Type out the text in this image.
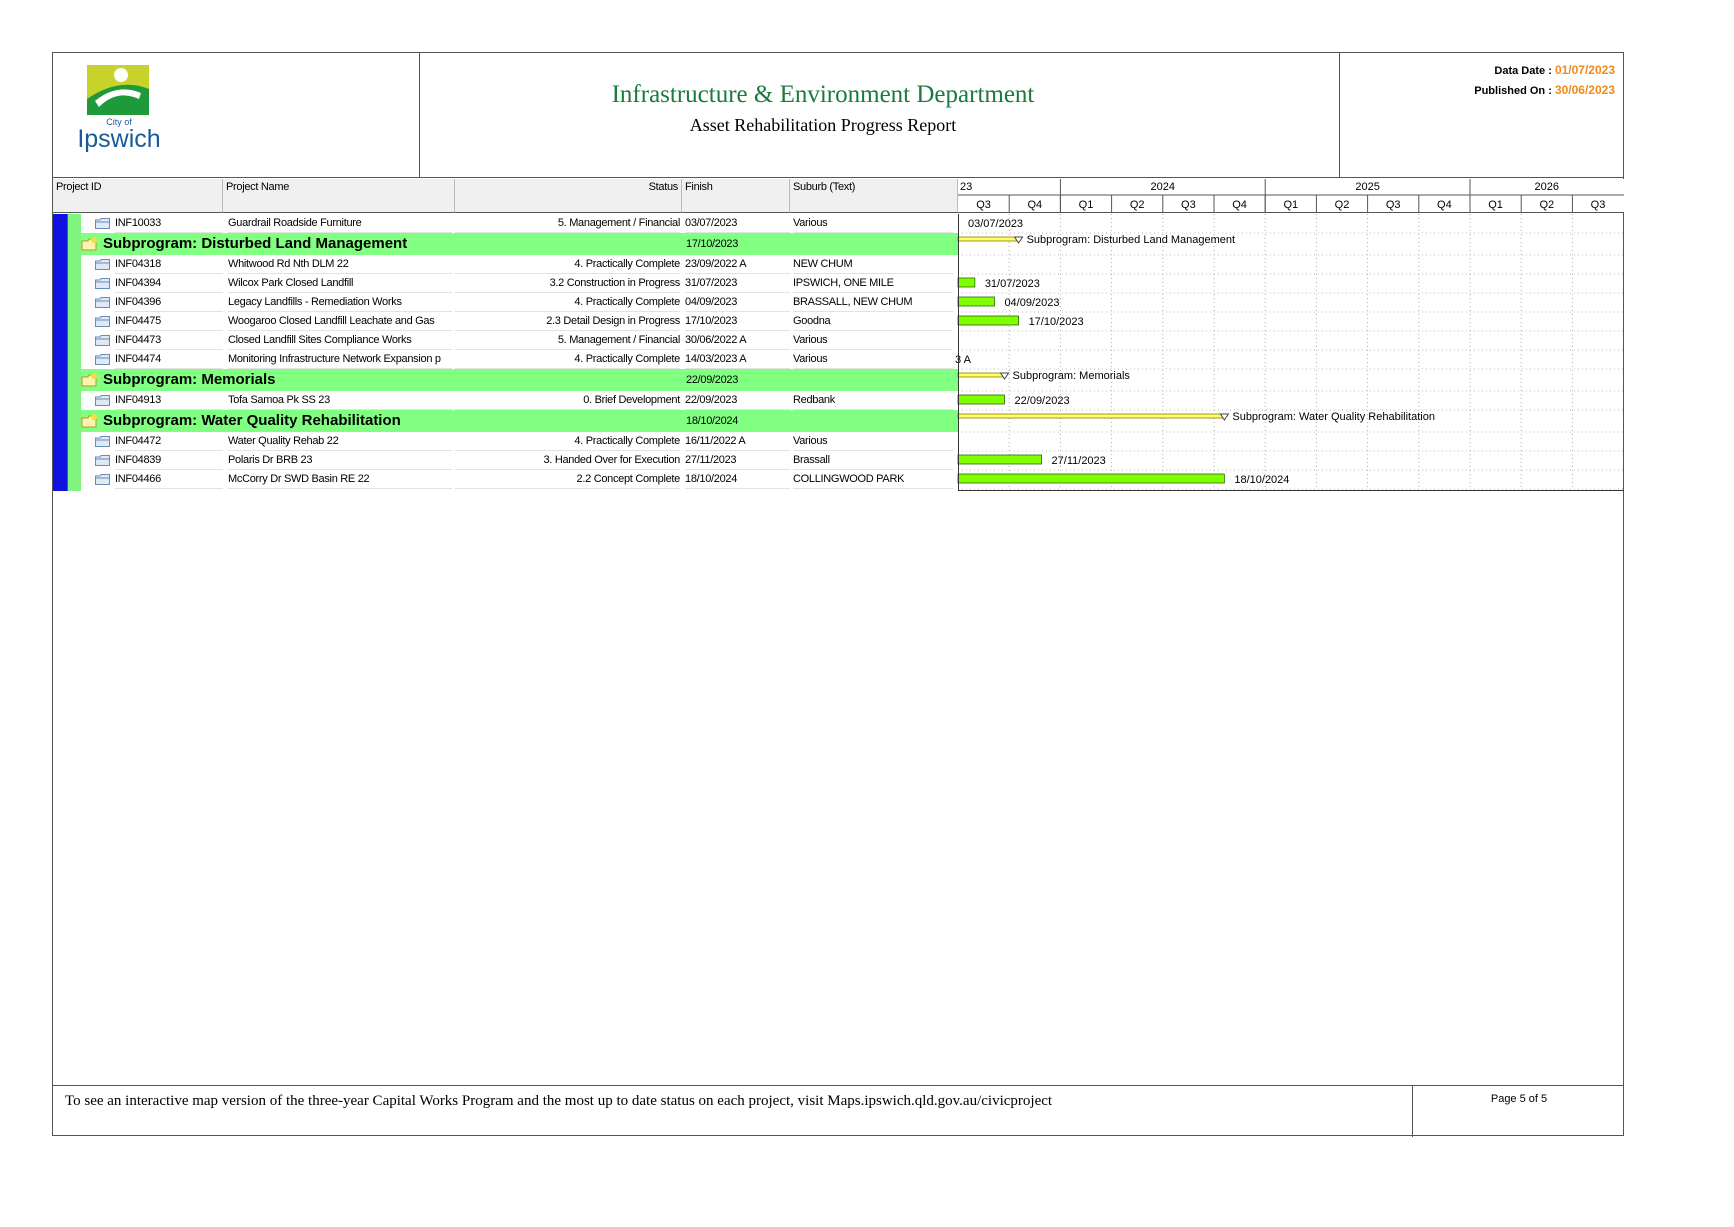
City of
Ipswich
Infrastructure & Environment Department
Asset Rehabilitation Progress Report
Data Date : 01/07/2023
Published On : 30/06/2023
Project ID	Project Name	Status Finish	Suburb (Text)	23	2024	2025	2026
Q3	Q4	Q1	Q2	Q3	Q4	Q1	Q2	Q3	Q4	Q1	Q2	Q3
INF10033	Guardrail Roadside Furniture	5. Management / Financial 03/07/2023	Various
Subprogram: Disturbed Land Management	17/10/2023
INF04318	Whitwood Rd Nth DLM 22	4. Practically Complete 23/09/2022 A	NEW CHUM
INF04394	Wilcox Park Closed Landfill	3.2 Construction in Progress 31/07/2023	IPSWICH, ONE MILE
INF04396	Legacy Landfills - Remediation Works	4. Practically Complete 04/09/2023	BRASSALL, NEW CHUM
INF04475	Woogaroo Closed Landfill Leachate and Gas	2.3 Detail Design in Progress 17/10/2023	Goodna
INF04473	Closed Landfill Sites Compliance Works	5. Management / Financial 30/06/2022 A	Various
INF04474	Monitoring Infrastructure Network Expansion p	4. Practically Complete 14/03/2023 A	Various
Subprogram: Memorials	22/09/2023
INF04913	Tofa Samoa Pk SS 23	0. Brief Development 22/09/2023	Redbank
Subprogram: Water Quality Rehabilitation	18/10/2024
INF04472	Water Quality Rehab 22	4. Practically Complete 16/11/2022 A	Various
INF04839	Polaris Dr BRB 23	3. Handed Over for Execution 27/11/2023	Brassall
INF04466	McCorry Dr SWD Basin RE 22	2.2 Concept Complete 18/10/2024	COLLINGWOOD PARK
03/07/2023
Subprogram: Disturbed Land Management
31/07/2023
04/09/2023
17/10/2023
3 A
Subprogram: Memorials
22/09/2023
Subprogram: Water Quality Rehabilitation
27/11/2023
18/10/2024
To see an interactive map version of the three-year Capital Works Program and the most up to date status on each project, visit Maps.ipswich.qld.gov.au/civicproject	Page 5 of 5
